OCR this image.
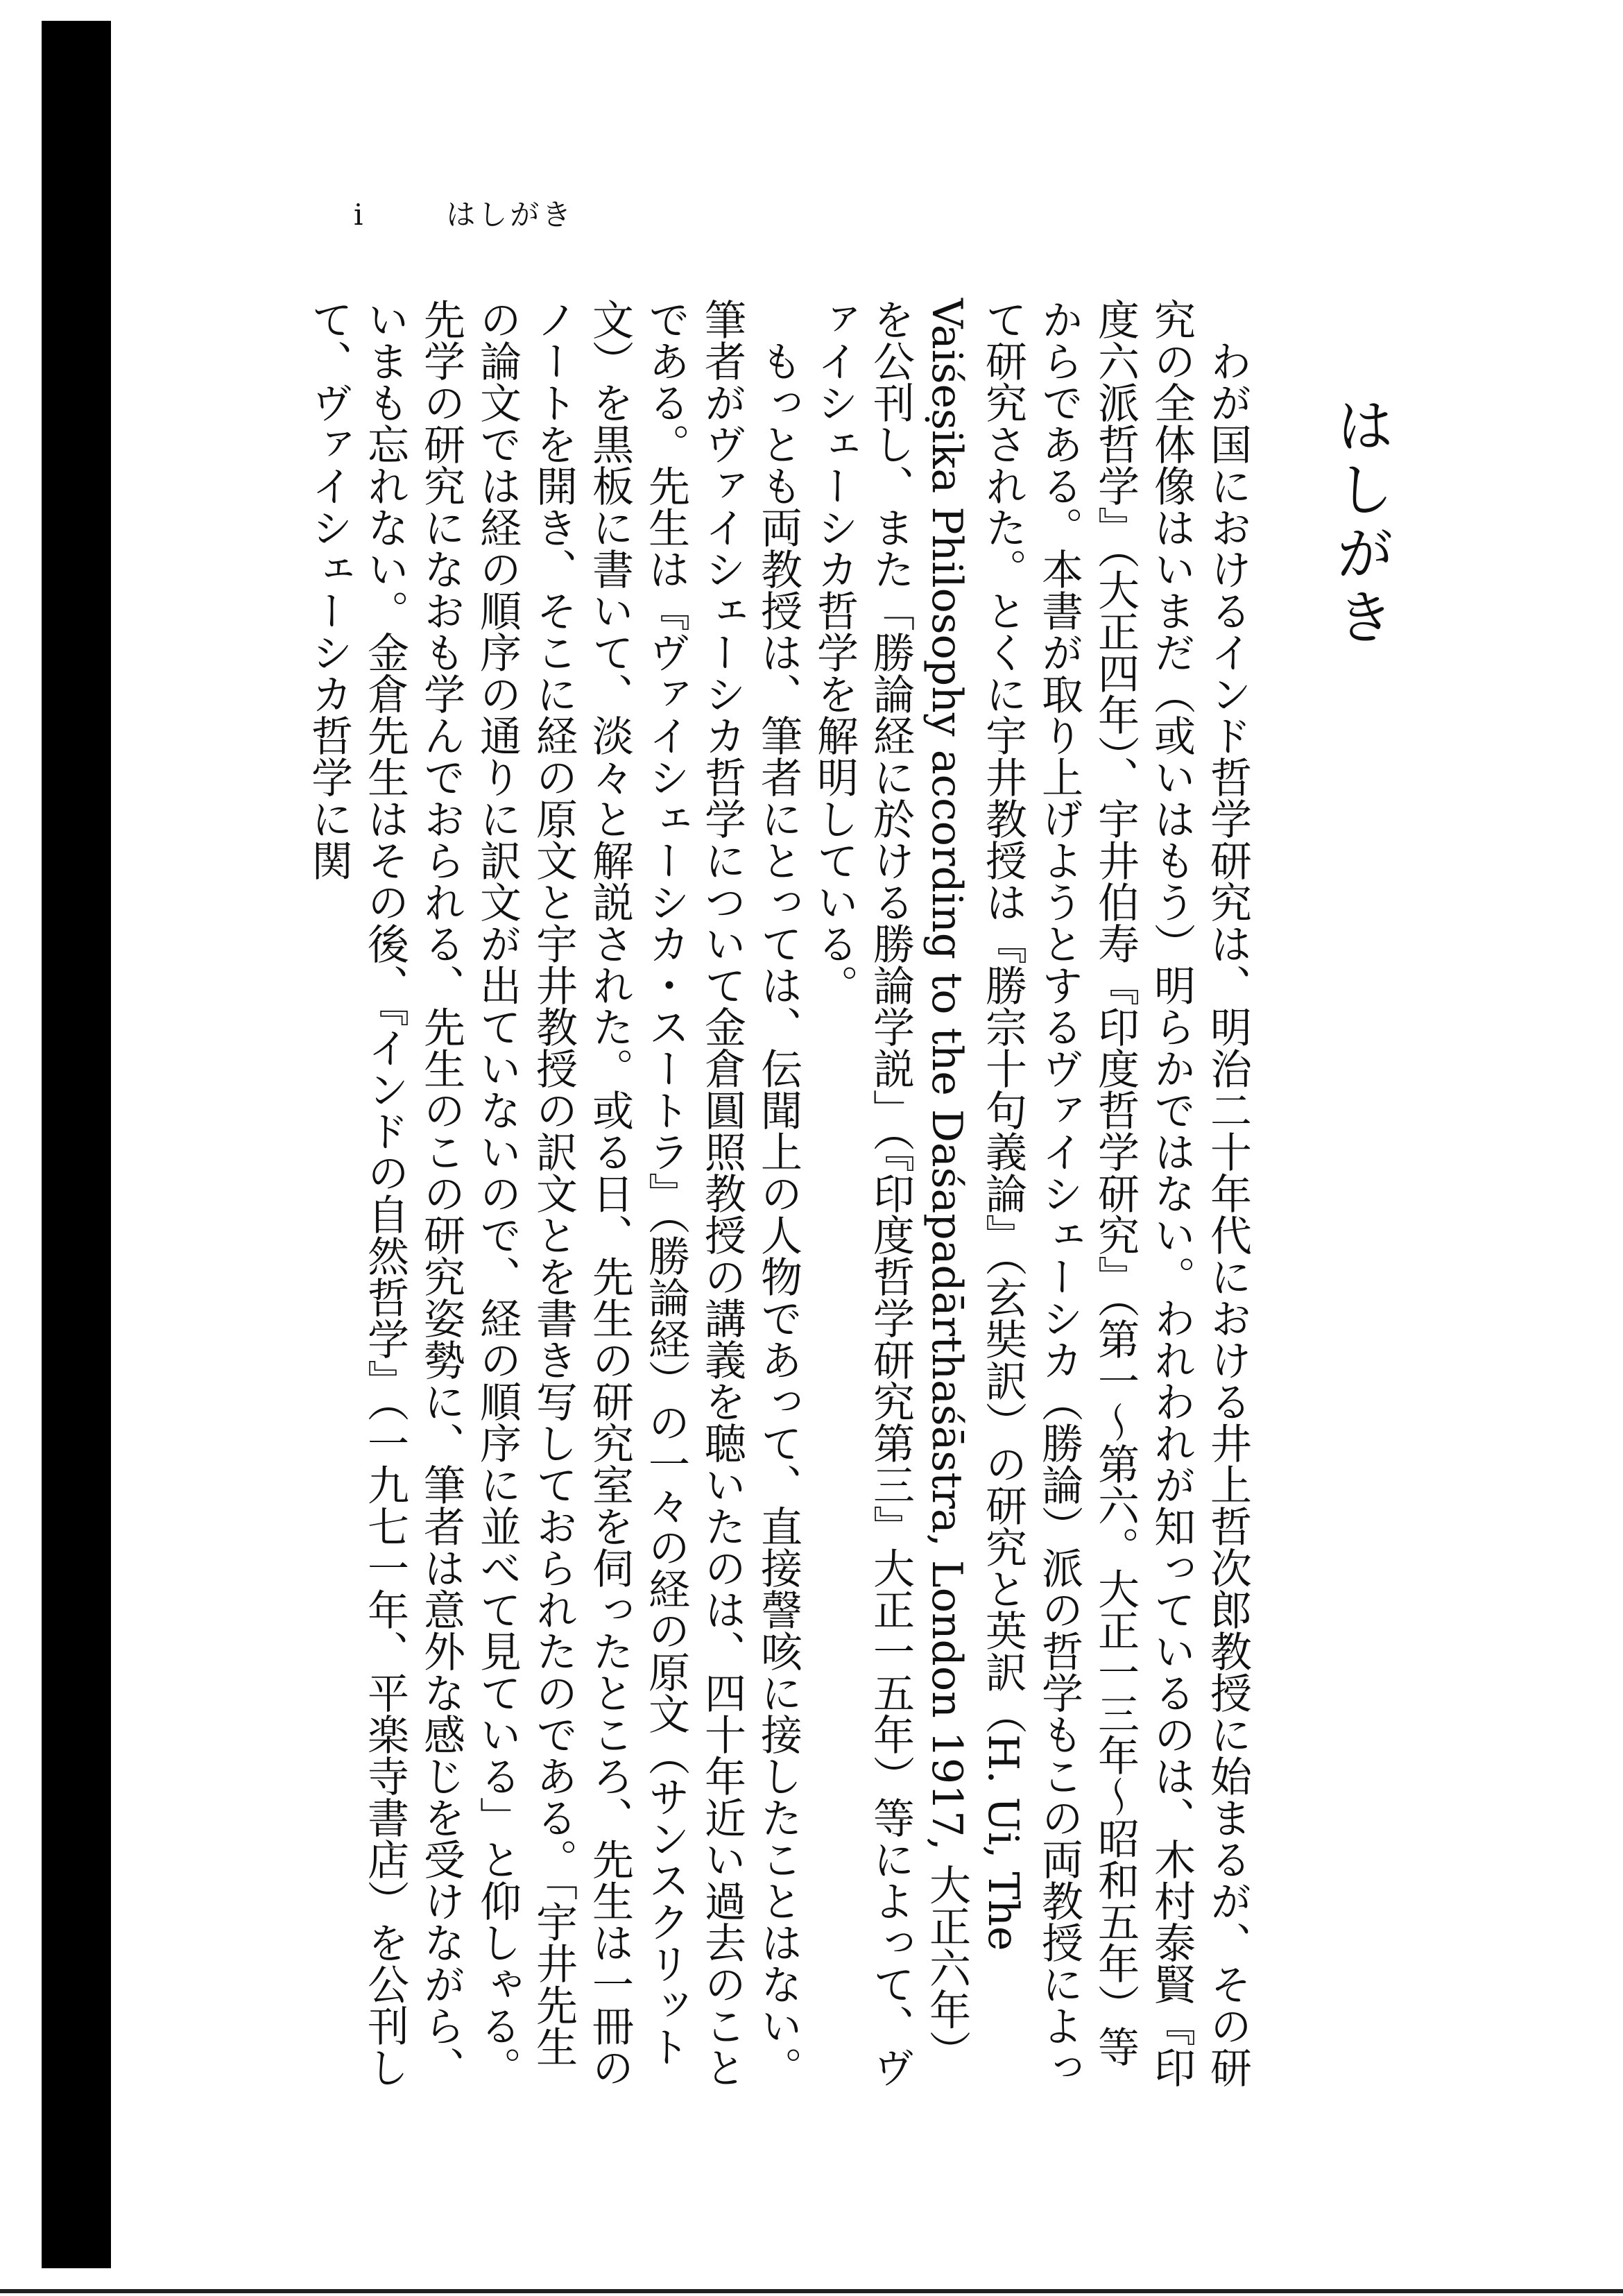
i	はしがき
はしがき

わが国におけるインド哲学研究は、明治二十年代における井上哲次郎教授に始まるが、その研究の全体像はいまだ（或いはもう）明らかではない。われわれが知っているのは、木村泰賢『印度六派哲学』（大正四年）、宇井伯寿『印度哲学研究』（第一～第六。大正一三年～昭和五年）等からである。本書が取り上げようとするヴァイシェーシカ（勝論）派の哲学もこの両教授によって研究された。とくに宇井教授は『勝宗十句義論』（玄奘訳）の研究と英訳（H. Ui, The Vaiśeṣika Philosophy according to the Daśapadārthaśāstra, London 1917, 大正六年）を公刊し、また「勝論経に於ける勝論学説」（『印度哲学研究第三』大正一五年）等によって、ヴァイシェーシカ哲学を解明している。

もっとも両教授は、筆者にとっては、伝聞上の人物であって、直接謦咳に接したことはない。筆者がヴァイシェーシカ哲学について金倉圓照教授の講義を聴いたのは、四十年近い過去のことである。先生は『ヴァイシェーシカ・スートラ』（勝論経）の一々の経の原文（サンスクリット文）を黒板に書いて、淡々と解説された。或る日、先生の研究室を伺ったところ、先生は一冊のノートを開き、そこに経の原文と宇井教授の訳文とを書き写しておられたのである。「宇井先生の論文では経の順序の通りに訳文が出ていないので、経の順序に並べて見ている」と仰しゃる。先学の研究になおも学んでおられる、先生のこの研究姿勢に、筆者は意外な感じを受けながら、いまも忘れない。金倉先生はその後、『インドの自然哲学』（一九七一年、平楽寺書店）を公刊して、ヴァイシェーシカ哲学に関
